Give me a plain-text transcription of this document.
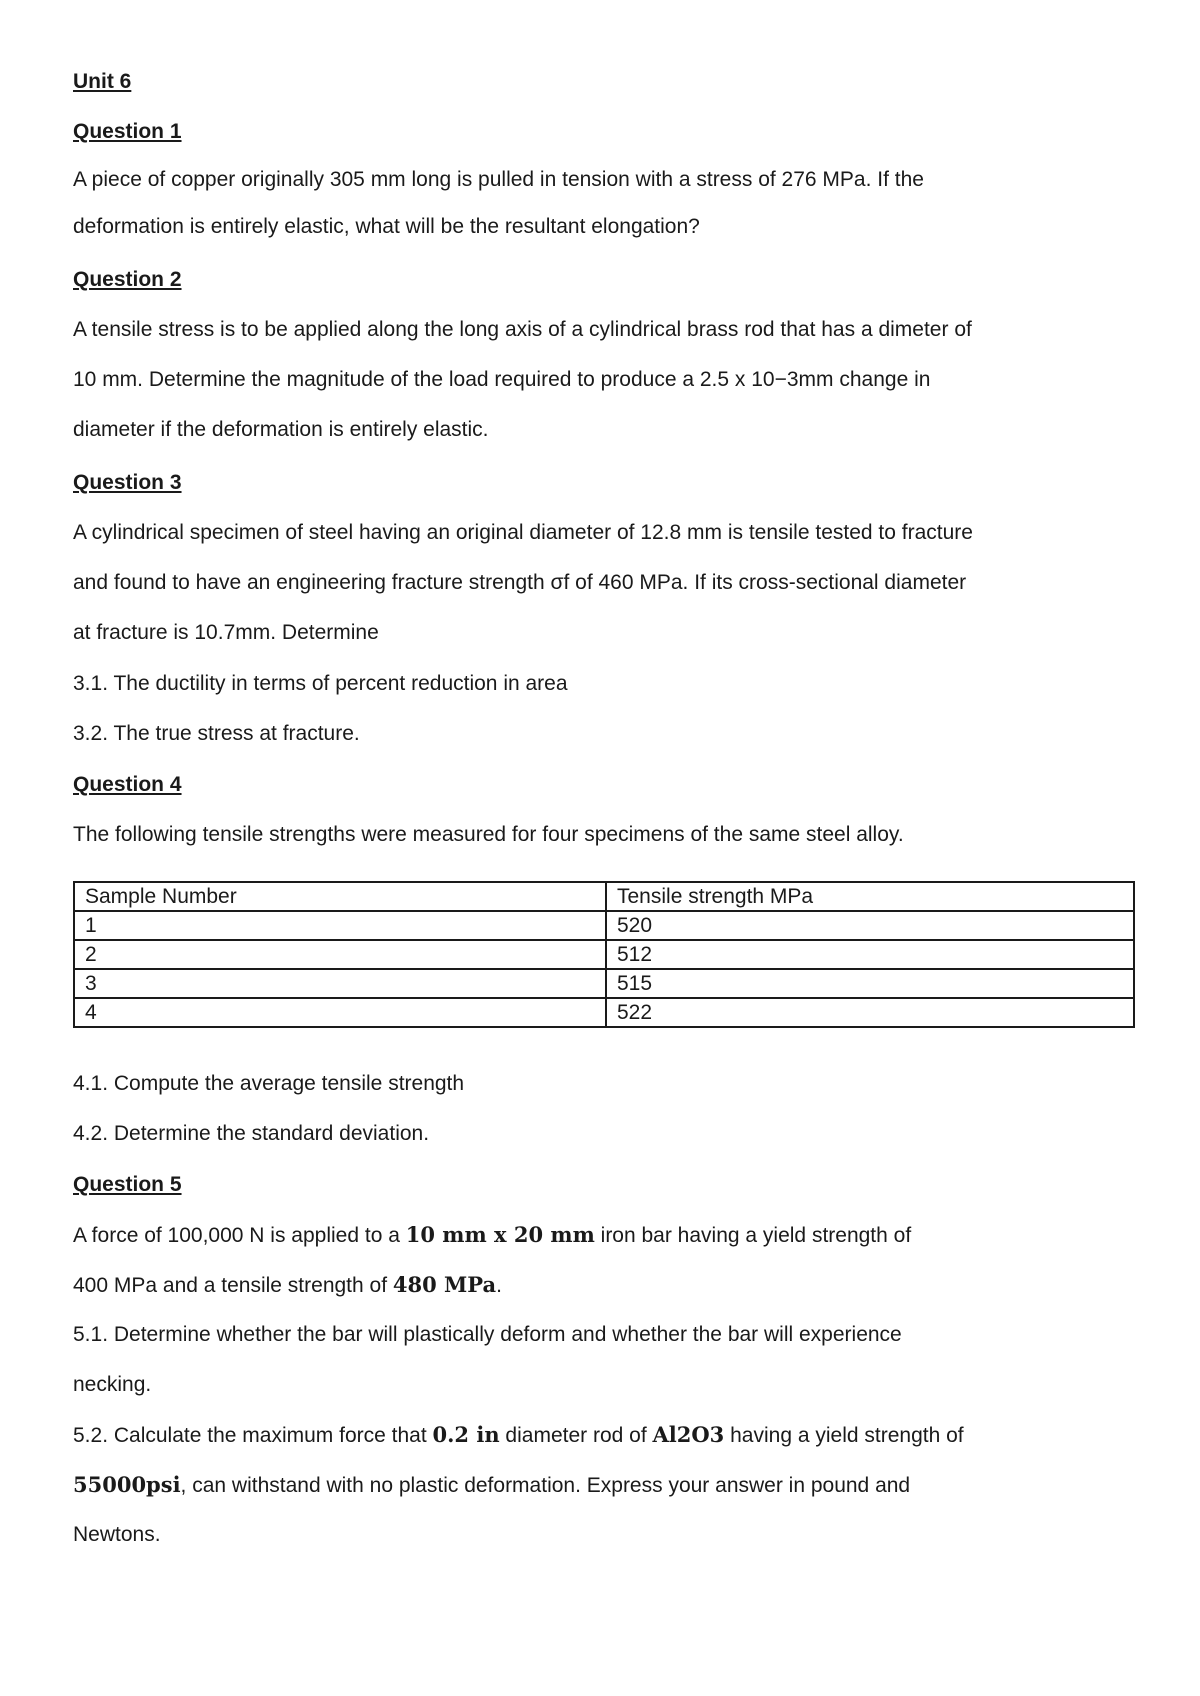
Unit 6

Question 1

A piece of copper originally 305 mm long is pulled in tension with a stress of 276 MPa. If the

deformation is entirely elastic, what will be the resultant elongation?

Question 2

A tensile stress is to be applied along the long axis of a cylindrical brass rod that has a dimeter of

10 mm. Determine the magnitude of the load required to produce a 2.5 x 10−3mm change in

diameter if the deformation is entirely elastic.

Question 3

A cylindrical specimen of steel having an original diameter of 12.8 mm is tensile tested to fracture

and found to have an engineering fracture strength σf of 460 MPa. If its cross-sectional diameter

at fracture is 10.7mm. Determine

3.1. The ductility in terms of percent reduction in area

3.2. The true stress at fracture.

Question 4

The following tensile strengths were measured for four specimens of the same steel alloy.

Sample Number	Tensile strength MPa
1	520
2	512
3	515
4	522

4.1. Compute the average tensile strength

4.2. Determine the standard deviation.

Question 5

A force of 100,000 N is applied to a 10 mm x 20 mm iron bar having a yield strength of

400 MPa and a tensile strength of 480 MPa.

5.1. Determine whether the bar will plastically deform and whether the bar will experience

necking.

5.2. Calculate the maximum force that 0.2 in diameter rod of Al2O3 having a yield strength of

55000psi, can withstand with no plastic deformation. Express your answer in pound and

Newtons.
